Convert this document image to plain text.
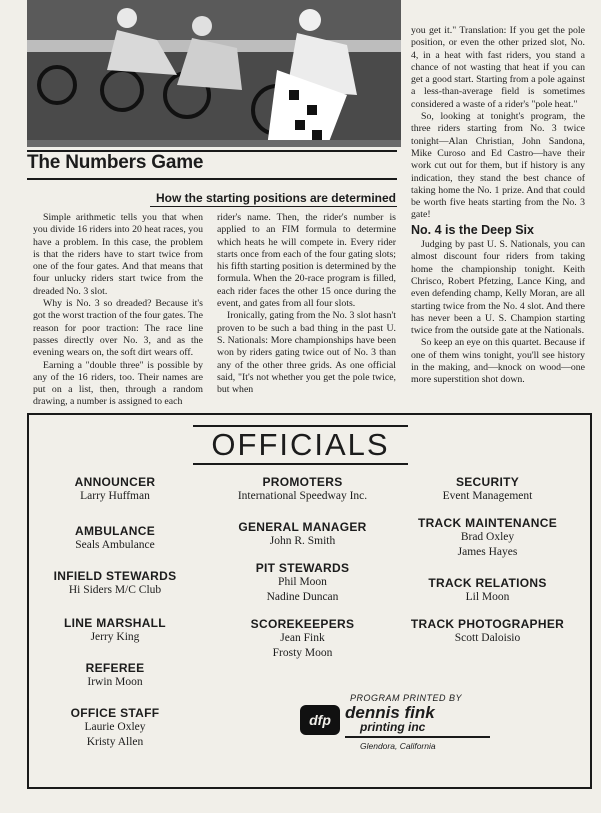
The Numbers Game
How the starting positions are determined

Simple arithmetic tells you that when you divide 16 riders into 20 heat races, you have a problem. In this case, the problem is that the riders have to start twice from one of the four gates. And that means that four unlucky riders start twice from the dreaded No. 3 slot.

Why is No. 3 so dreaded? Because it's got the worst traction of the four gates. The reason for poor traction: The race line passes directly over No. 3, and as the evening wears on, the soft dirt wears off.

Earning a "double three" is possible by any of the 16 riders, too. Their names are put on a list, then, through a random drawing, a number is assigned to each

rider's name. Then, the rider's number is applied to an FIM formula to determine which heats he will compete in. Every rider starts once from each of the four gating slots; his fifth starting position is determined by the formula. When the 20-race program is filled, each rider faces the other 15 once during the event, and gates from all four slots.

Ironically, gating from the No. 3 slot hasn't proven to be such a bad thing in the past U. S. Nationals: More championships have been won by riders gating twice out of No. 3 than any of the other three grids. As one official said, "It's not whether you get the pole twice, but when

you get it." Translation: If you get the pole position, or even the other prized slot, No. 4, in a heat with fast riders, you stand a chance of not wasting that heat if you can get a good start. Starting from a pole against a less-than-average field is sometimes considered a waste of a rider's "pole heat."

So, looking at tonight's program, the three riders starting from No. 3 twice tonight—Alan Christian, John Sandona, Mike Curoso and Ed Castro—have their work cut out for them, but if history is any indication, they stand the best chance of taking home the No. 1 prize. And that could be worth five heats starting from the No. 3 gate!

No. 4 is the Deep Six

Judging by past U. S. Nationals, you can almost discount four riders from taking home the championship tonight. Keith Chrisco, Robert Pfetzing, Lance King, and even defending champ, Kelly Moran, are all starting twice from the No. 4 slot. And there has never been a U. S. Champion starting twice from the outside gate at the Nationals.

So keep an eye on this quartet. Because if one of them wins tonight, you'll see history in the making, and—knock on wood—one more superstition shot down.

OFFICIALS
ANNOUNCER
Larry Huffman
AMBULANCE
Seals Ambulance
INFIELD STEWARDS
Hi Siders M/C Club
LINE MARSHALL
Jerry King
REFEREE
Irwin Moon
OFFICE STAFF
Laurie Oxley
Kristy Allen
PROMOTERS
International Speedway Inc.
GENERAL MANAGER
John R. Smith
PIT STEWARDS
Phil Moon
Nadine Duncan
SCOREKEEPERS
Jean Fink
Frosty Moon
SECURITY
Event Management
TRACK MAINTENANCE
Brad Oxley
James Hayes
TRACK RELATIONS
Lil Moon
TRACK PHOTOGRAPHER
Scott Daloisio
PROGRAM PRINTED BY
dfp dennis fink
printing inc
Glendora, California
